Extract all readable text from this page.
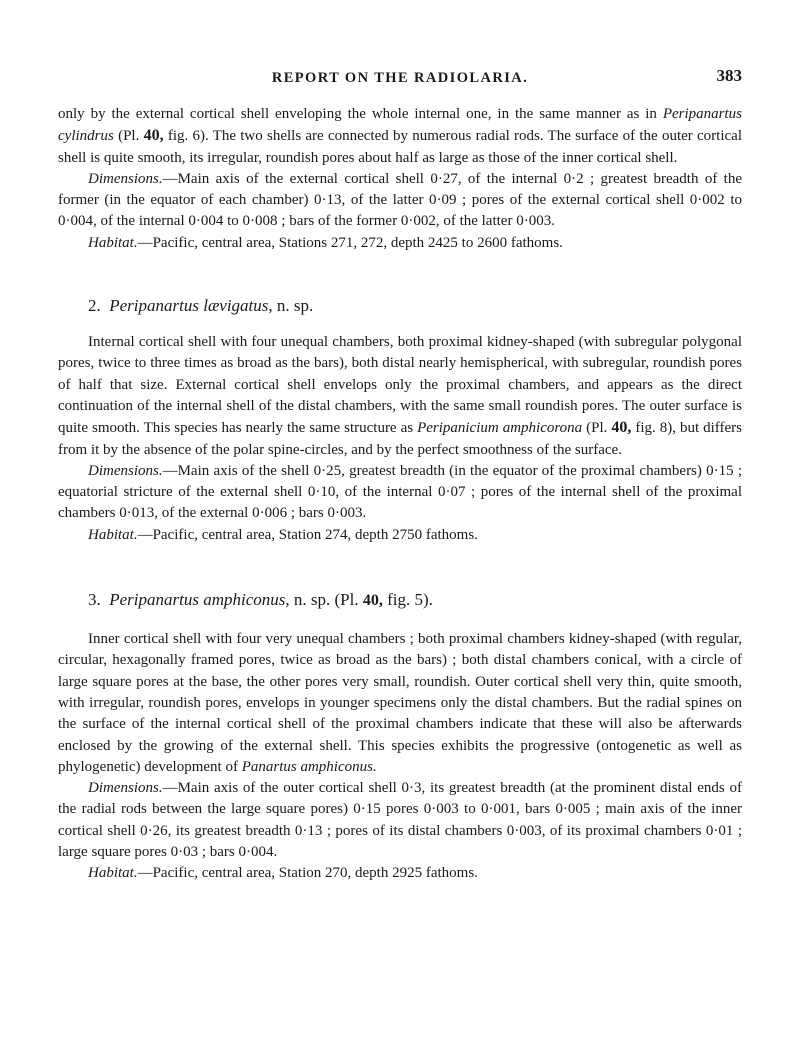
REPORT ON THE RADIOLARIA.	383

only by the external cortical shell enveloping the whole internal one, in the same manner as in Peripanartus cylindrus (Pl. 40, fig. 6). The two shells are connected by numerous radial rods. The surface of the outer cortical shell is quite smooth, its irregular, roundish pores about half as large as those of the inner cortical shell.

Dimensions.—Main axis of the external cortical shell 0·27, of the internal 0·2 ; greatest breadth of the former (in the equator of each chamber) 0·13, of the latter 0·09 ; pores of the external cortical shell 0·002 to 0·004, of the internal 0·004 to 0·008 ; bars of the former 0·002, of the latter 0·003.

Habitat.—Pacific, central area, Stations 271, 272, depth 2425 to 2600 fathoms.

2. Peripanartus lævigatus, n. sp.

Internal cortical shell with four unequal chambers, both proximal kidney-shaped (with subregular polygonal pores, twice to three times as broad as the bars), both distal nearly hemispherical, with subregular, roundish pores of half that size. External cortical shell envelops only the proximal chambers, and appears as the direct continuation of the internal shell of the distal chambers, with the same small roundish pores. The outer surface is quite smooth. This species has nearly the same structure as Peripanicium amphicorona (Pl. 40, fig. 8), but differs from it by the absence of the polar spine-circles, and by the perfect smoothness of the surface.

Dimensions.—Main axis of the shell 0·25, greatest breadth (in the equator of the proximal chambers) 0·15 ; equatorial stricture of the external shell 0·10, of the internal 0·07 ; pores of the internal shell of the proximal chambers 0·013, of the external 0·006 ; bars 0·003.

Habitat.—Pacific, central area, Station 274, depth 2750 fathoms.

3. Peripanartus amphiconus, n. sp. (Pl. 40, fig. 5).

Inner cortical shell with four very unequal chambers ; both proximal chambers kidney-shaped (with regular, circular, hexagonally framed pores, twice as broad as the bars) ; both distal chambers conical, with a circle of large square pores at the base, the other pores very small, roundish. Outer cortical shell very thin, quite smooth, with irregular, roundish pores, envelops in younger specimens only the distal chambers. But the radial spines on the surface of the internal cortical shell of the proximal chambers indicate that these will also be afterwards enclosed by the growing of the external shell. This species exhibits the progressive (ontogenetic as well as phylogenetic) development of Panartus amphiconus.

Dimensions.—Main axis of the outer cortical shell 0·3, its greatest breadth (at the prominent distal ends of the radial rods between the large square pores) 0·15 pores 0·003 to 0·001, bars 0·005 ; main axis of the inner cortical shell 0·26, its greatest breadth 0·13 ; pores of its distal chambers 0·003, of its proximal chambers 0·01 ; large square pores 0·03 ; bars 0·004.

Habitat.—Pacific, central area, Station 270, depth 2925 fathoms.
